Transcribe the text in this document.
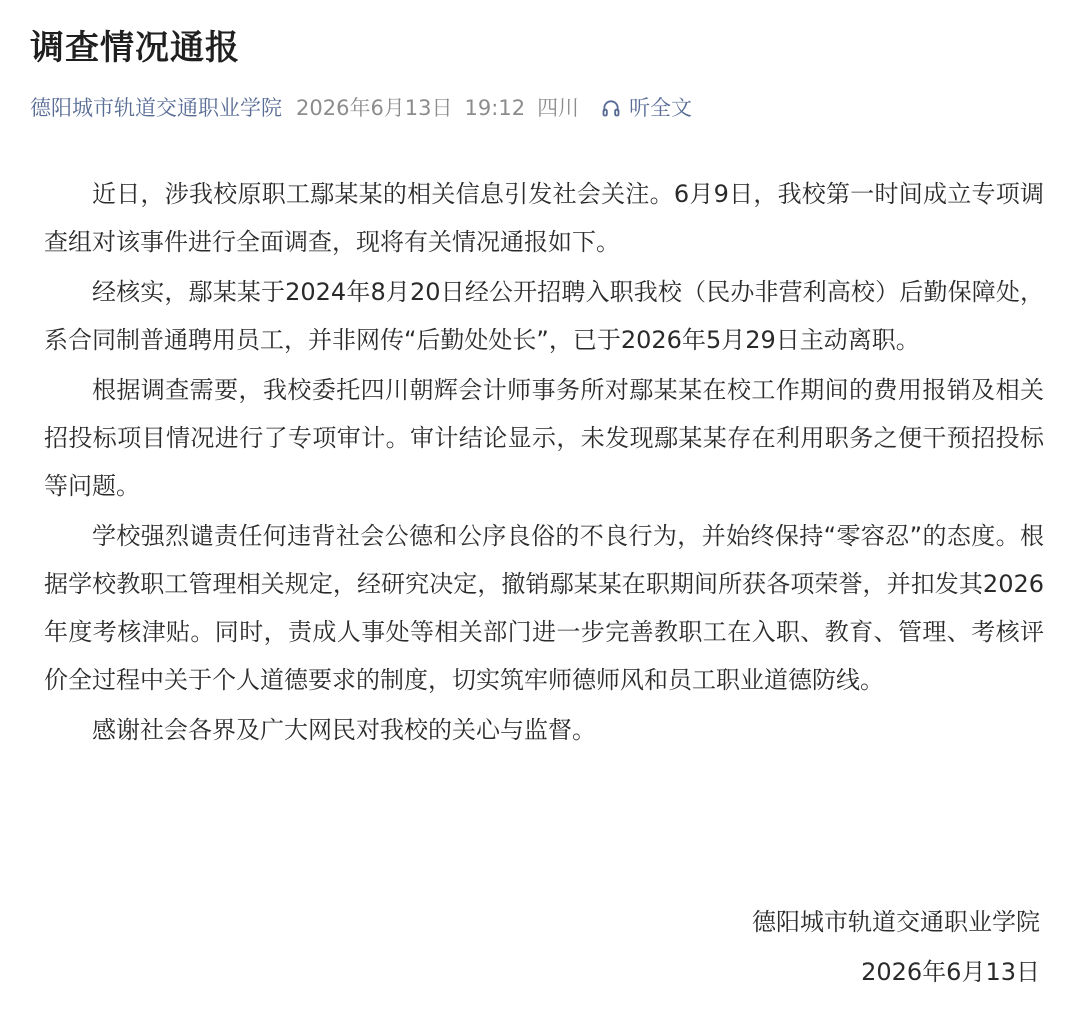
调查情况通报
德阳城市轨道交通职业学院 2026年6月13日 19:12 四川 听全文

近日，涉我校原职工鄢某某的相关信息引发社会关注。6月9日，我校第一时间成立专项调查组对该事件进行全面调查，现将有关情况通报如下。

经核实，鄢某某于2024年8月20日经公开招聘入职我校（民办非营利高校）后勤保障处，系合同制普通聘用员工，并非网传“后勤处处长”，已于2026年5月29日主动离职。

根据调查需要，我校委托四川朝辉会计师事务所对鄢某某在校工作期间的费用报销及相关招投标项目情况进行了专项审计。审计结论显示，未发现鄢某某存在利用职务之便干预招投标等问题。

学校强烈谴责任何违背社会公德和公序良俗的不良行为，并始终保持“零容忍”的态度。根据学校教职工管理相关规定，经研究决定，撤销鄢某某在职期间所获各项荣誉，并扣发其2026年度考核津贴。同时，责成人事处等相关部门进一步完善教职工在入职、教育、管理、考核评价全过程中关于个人道德要求的制度，切实筑牢师德师风和员工职业道德防线。

感谢社会各界及广大网民对我校的关心与监督。

德阳城市轨道交通职业学院
2026年6月13日
